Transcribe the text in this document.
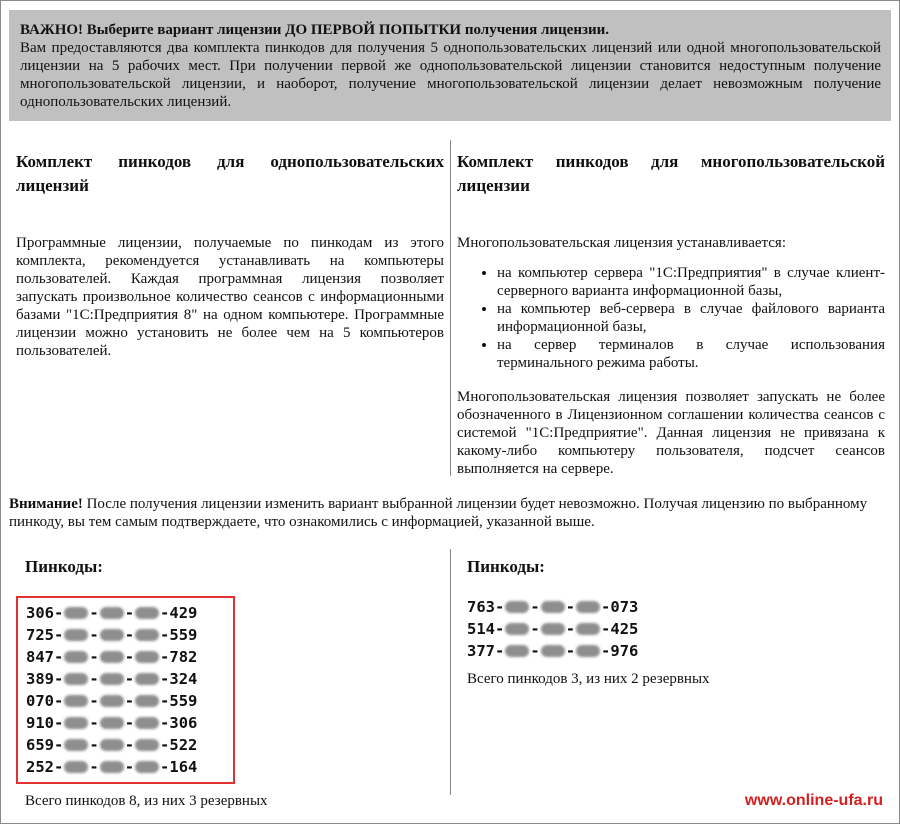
ВАЖНО! Выберите вариант лицензии ДО ПЕРВОЙ ПОПЫТКИ получения лицензии.
Вам предоставляются два комплекта пинкодов для получения 5 однопользовательских лицензий или одной многопользовательской лицензии на 5 рабочих мест. При получении первой же однопользовательской лицензии становится недоступным получение многопользовательской лицензии, и наоборот, получение многопользовательской лицензии делает невозможным получение однопользовательских лицензий.
Комплект пинкодов для однопользовательских лицензий

Программные лицензии, получаемые по пинкодам из этого комплекта, рекомендуется устанавливать на компьютеры пользователей. Каждая программная лицензия позволяет запускать произвольное количество сеансов с информационными базами "1С:Предприятия 8" на одном компьютере. Программные лицензии можно установить не более чем на 5 компьютеров пользователей.

Комплект пинкодов для многопользовательской лицензии

Многопользовательская лицензия устанавливается:

• на компьютер сервера "1С:Предприятия" в случае клиент-серверного варианта информационной базы,
• на компьютер веб-сервера в случае файлового варианта информационной базы,
• на сервер терминалов в случае использования терминального режима работы.

Многопользовательская лицензия позволяет запускать не более обозначенного в Лицензионном соглашении количества сеансов с системой "1С:Предприятие". Данная лицензия не привязана к какому-либо компьютеру пользователя, подсчет сеансов выполняется на сервере.

Внимание! После получения лицензии изменить вариант выбранной лицензии будет невозможно. Получая лицензию по выбранному пинкоду, вы тем самым подтверждаете, что ознакомились с информацией, указанной выше.
Пинкоды:
306 - - - - 429
725 - - - - 559
847 - - - - 782
389 - - - - 324
070 - - - - 559
910 - - - - 306
659 - - - - 522
252 - - - - 164
Всего пинкодов 8, из них 3 резервных
Пинкоды:
763 - - - - 073
514 - - - - 425
377 - - - - 976
Всего пинкодов 3, из них 2 резервных
www.online-ufa.ru
